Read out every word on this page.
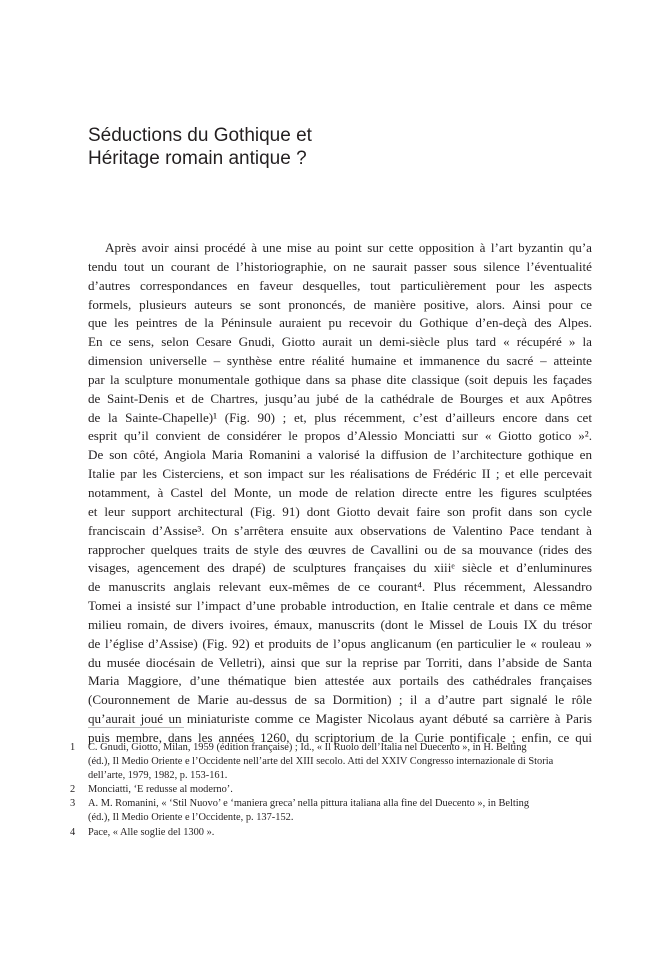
Séductions du Gothique et
Héritage romain antique ?
Après avoir ainsi procédé à une mise au point sur cette opposition à l’art byzantin qu’a
tendu tout un courant de l’historiographie, on ne saurait passer sous silence l’éventualité
d’autres correspondances en faveur desquelles, tout particulièrement pour les aspects
formels, plusieurs auteurs se sont prononcés, de manière positive, alors. Ainsi pour ce
que les peintres de la Péninsule auraient pu recevoir du Gothique d’en-deçà des Alpes.
En ce sens, selon Cesare Gnudi, Giotto aurait un demi-siècle plus tard « récupéré » la
dimension universelle – synthèse entre réalité humaine et immanence du sacré – atteinte
par la sculpture monumentale gothique dans sa phase dite classique (soit depuis les façades
de Saint-Denis et de Chartres, jusqu’au jubé de la cathédrale de Bourges et aux Apôtres
de la Sainte-Chapelle)¹ (Fig. 90) ; et, plus récemment, c’est d’ailleurs encore dans cet
esprit qu’il convient de considérer le propos d’Alessio Monciatti sur « Giotto gotico »².
De son côté, Angiola Maria Romanini a valorisé la diffusion de l’architecture gothique en
Italie par les Cisterciens, et son impact sur les réalisations de Frédéric II ; et elle percevait
notamment, à Castel del Monte, un mode de relation directe entre les figures sculptées
et leur support architectural (Fig. 91) dont Giotto devait faire son profit dans son cycle
franciscain d’Assise³. On s’arrêtera ensuite aux observations de Valentino Pace tendant à
rapprocher quelques traits de style des œuvres de Cavallini ou de sa mouvance (rides des
visages, agencement des drapé) de sculptures françaises du xiiiᵉ siècle et d’enluminures
de manuscrits anglais relevant eux-mêmes de ce courant⁴. Plus récemment, Alessandro
Tomei a insisté sur l’impact d’une probable introduction, en Italie centrale et dans ce même
milieu romain, de divers ivoires, émaux, manuscrits (dont le Missel de Louis IX du trésor
de l’église d’Assise) (Fig. 92) et produits de l’opus anglicanum (en particulier le « rouleau »
du musée diocésain de Velletri), ainsi que sur la reprise par Torriti, dans l’abside de Santa
Maria Maggiore, d’une thématique bien attestée aux portails des cathédrales françaises
(Couronnement de Marie au-dessus de sa Dormition) ; il a d’autre part signalé le rôle
qu’aurait joué un miniaturiste comme ce Magister Nicolaus ayant débuté sa carrière à Paris
puis membre, dans les années 1260, du scriptorium de la Curie pontificale ; enfin, ce qui
1	C. Gnudi, Giotto, Milan, 1959 (édition française) ; Id., « Il Ruolo dell’Italia nel Duecento », in H. Belting
(éd.), Il Medio Oriente e l’Occidente nell’arte del XIII secolo. Atti del XXIV Congresso internazionale di Storia
dell’arte, 1979, 1982, p. 153-161.
2	Monciatti, ‘E redusse al moderno’.
3	A. M. Romanini, « ‘Stil Nuovo’ e ‘maniera greca’ nella pittura italiana alla fine del Duecento », in Belting
(éd.), Il Medio Oriente e l’Occidente, p. 137-152.
4	Pace, « Alle soglie del 1300 ».
